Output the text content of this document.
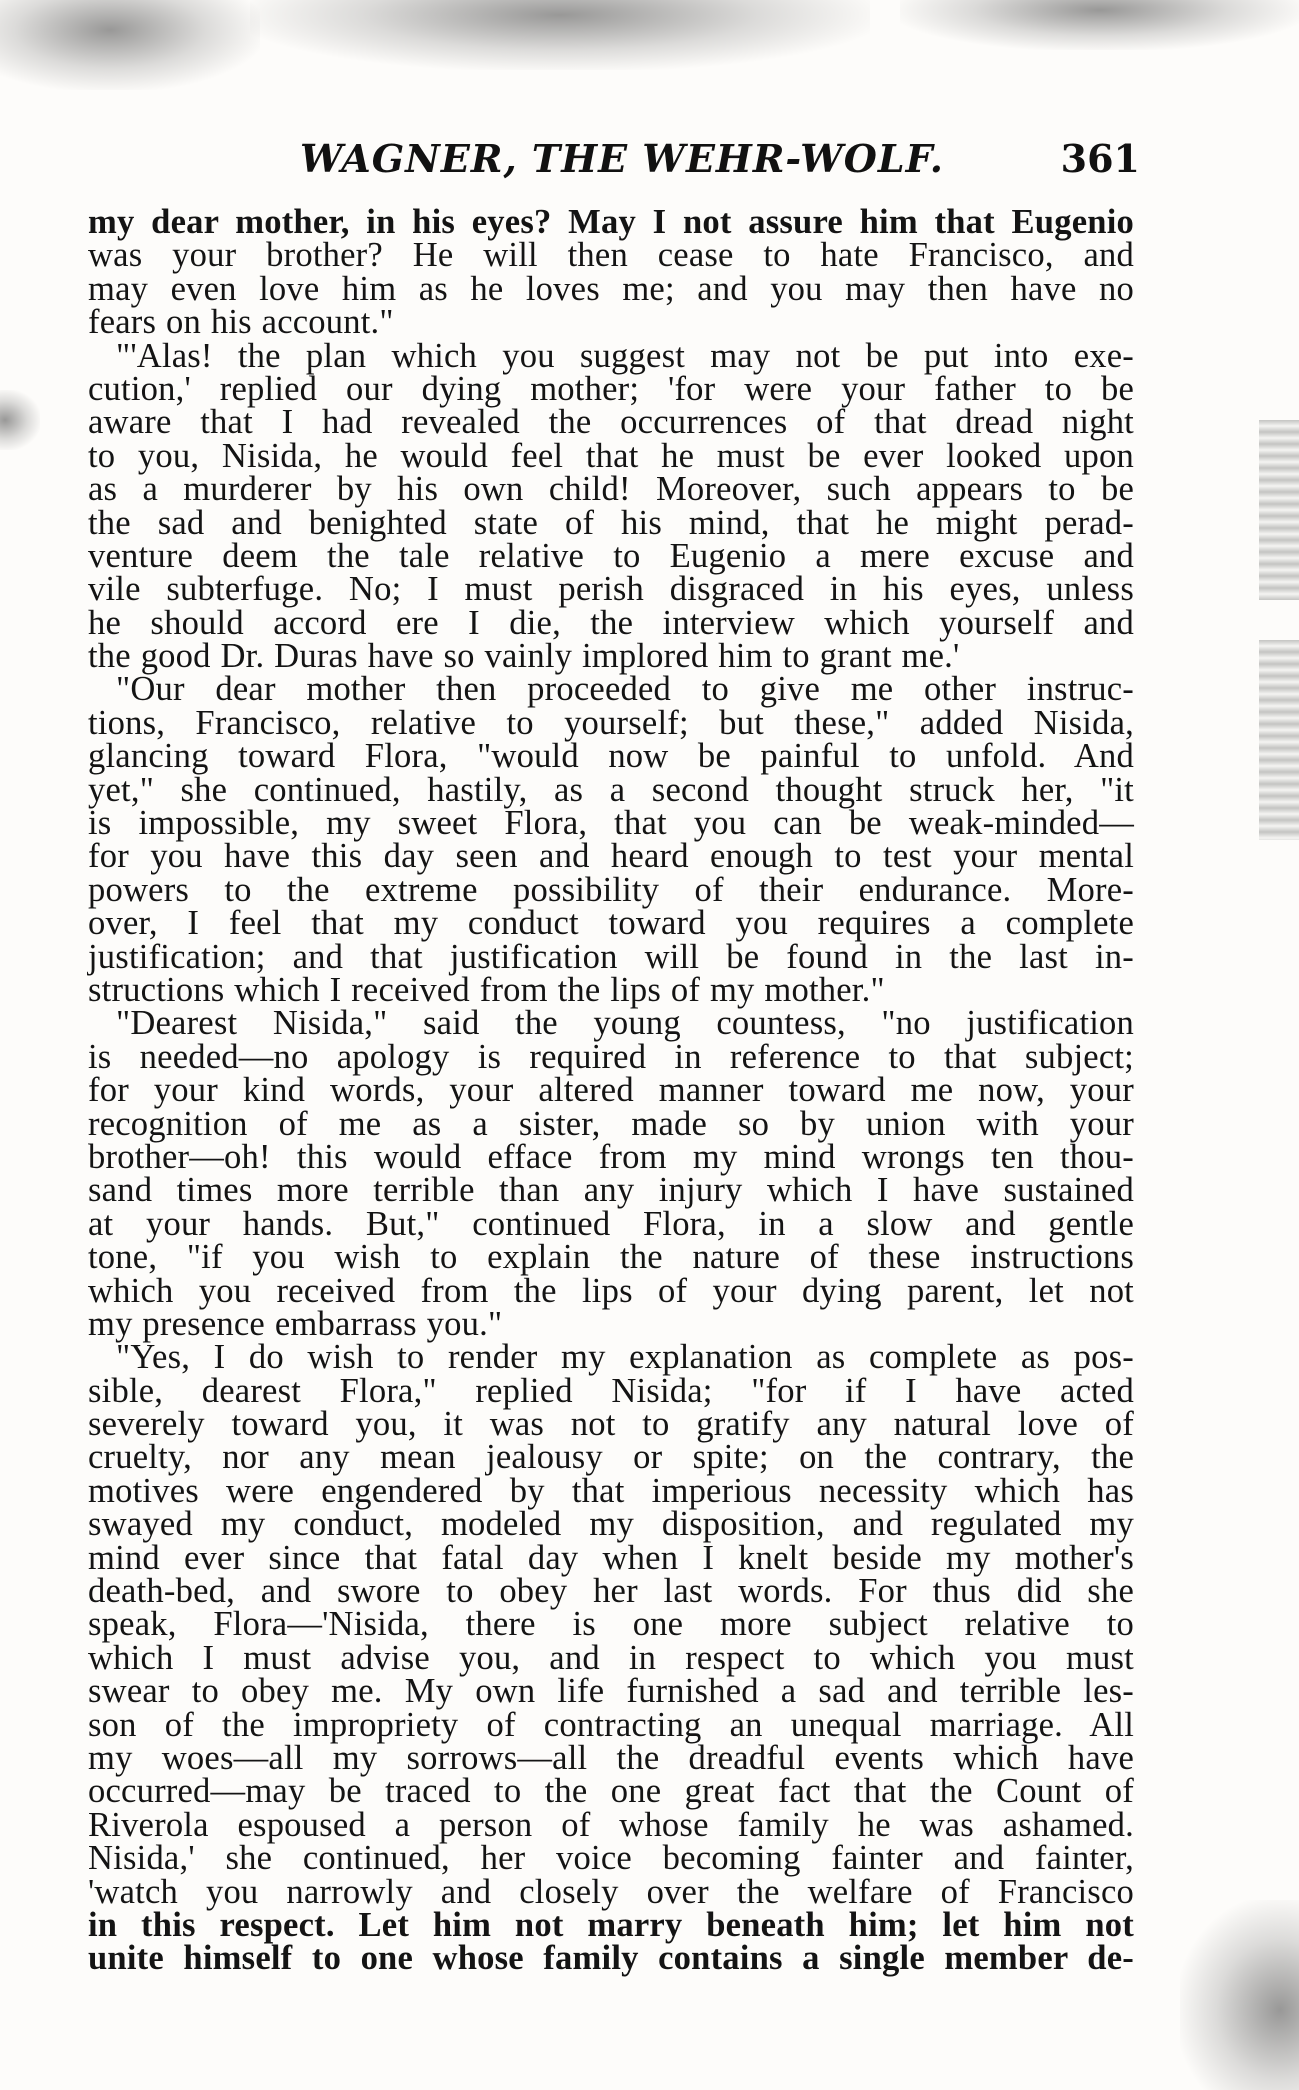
WAGNER, THE WEHR-WOLF.	361
my dear mother, in his eyes? May I not assure him that Eugenio
was your brother? He will then cease to hate Francisco, and
may even love him as he loves me; and you may then have no
fears on his account."
"'Alas! the plan which you suggest may not be put into exe-
cution,' replied our dying mother; 'for were your father to be
aware that I had revealed the occurrences of that dread night
to you, Nisida, he would feel that he must be ever looked upon
as a murderer by his own child! Moreover, such appears to be
the sad and benighted state of his mind, that he might perad-
venture deem the tale relative to Eugenio a mere excuse and
vile subterfuge. No; I must perish disgraced in his eyes, unless
he should accord ere I die, the interview which yourself and
the good Dr. Duras have so vainly implored him to grant me.'
"Our dear mother then proceeded to give me other instruc-
tions, Francisco, relative to yourself; but these," added Nisida,
glancing toward Flora, "would now be painful to unfold. And
yet," she continued, hastily, as a second thought struck her, "it
is impossible, my sweet Flora, that you can be weak-minded—
for you have this day seen and heard enough to test your mental
powers to the extreme possibility of their endurance. More-
over, I feel that my conduct toward you requires a complete
justification; and that justification will be found in the last in-
structions which I received from the lips of my mother."
"Dearest Nisida," said the young countess, "no justification
is needed—no apology is required in reference to that subject;
for your kind words, your altered manner toward me now, your
recognition of me as a sister, made so by union with your
brother—oh! this would efface from my mind wrongs ten thou-
sand times more terrible than any injury which I have sustained
at your hands. But," continued Flora, in a slow and gentle
tone, "if you wish to explain the nature of these instructions
which you received from the lips of your dying parent, let not
my presence embarrass you."
"Yes, I do wish to render my explanation as complete as pos-
sible, dearest Flora," replied Nisida; "for if I have acted
severely toward you, it was not to gratify any natural love of
cruelty, nor any mean jealousy or spite; on the contrary, the
motives were engendered by that imperious necessity which has
swayed my conduct, modeled my disposition, and regulated my
mind ever since that fatal day when I knelt beside my mother's
death-bed, and swore to obey her last words. For thus did she
speak, Flora—'Nisida, there is one more subject relative to
which I must advise you, and in respect to which you must
swear to obey me. My own life furnished a sad and terrible les-
son of the impropriety of contracting an unequal marriage. All
my woes—all my sorrows—all the dreadful events which have
occurred—may be traced to the one great fact that the Count of
Riverola espoused a person of whose family he was ashamed.
Nisida,' she continued, her voice becoming fainter and fainter,
'watch you narrowly and closely over the welfare of Francisco
in this respect. Let him not marry beneath him; let him not
unite himself to one whose family contains a single member de-
